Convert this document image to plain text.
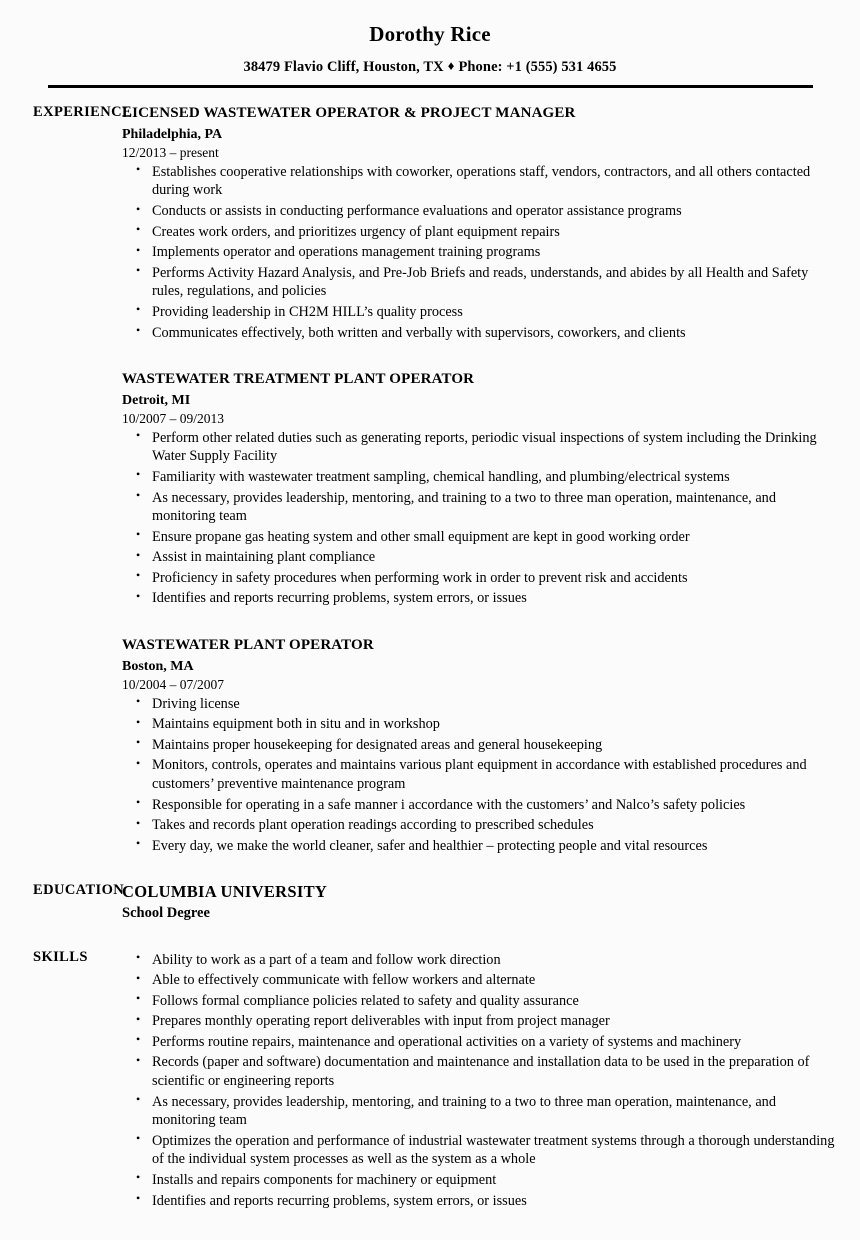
Dorothy Rice
38479 Flavio Cliff, Houston, TX ♦ Phone: +1 (555) 531 4655
EXPERIENCE
LICENSED WASTEWATER OPERATOR & PROJECT MANAGER
Philadelphia, PA
12/2013 – present
• Establishes cooperative relationships with coworker, operations staff, vendors, contractors, and all others contacted during work
• Conducts or assists in conducting performance evaluations and operator assistance programs
• Creates work orders, and prioritizes urgency of plant equipment repairs
• Implements operator and operations management training programs
• Performs Activity Hazard Analysis, and Pre-Job Briefs and reads, understands, and abides by all Health and Safety rules, regulations, and policies
• Providing leadership in CH2M HILL’s quality process
• Communicates effectively, both written and verbally with supervisors, coworkers, and clients
WASTEWATER TREATMENT PLANT OPERATOR
Detroit, MI
10/2007 – 09/2013
• Perform other related duties such as generating reports, periodic visual inspections of system including the Drinking Water Supply Facility
• Familiarity with wastewater treatment sampling, chemical handling, and plumbing/electrical systems
• As necessary, provides leadership, mentoring, and training to a two to three man operation, maintenance, and monitoring team
• Ensure propane gas heating system and other small equipment are kept in good working order
• Assist in maintaining plant compliance
• Proficiency in safety procedures when performing work in order to prevent risk and accidents
• Identifies and reports recurring problems, system errors, or issues
WASTEWATER PLANT OPERATOR
Boston, MA
10/2004 – 07/2007
• Driving license
• Maintains equipment both in situ and in workshop
• Maintains proper housekeeping for designated areas and general housekeeping
• Monitors, controls, operates and maintains various plant equipment in accordance with established procedures and customers’ preventive maintenance program
• Responsible for operating in a safe manner i accordance with the customers’ and Nalco’s safety policies
• Takes and records plant operation readings according to prescribed schedules
• Every day, we make the world cleaner, safer and healthier – protecting people and vital resources
EDUCATION
COLUMBIA UNIVERSITY
School Degree
SKILLS	• Ability to work as a part of a team and follow work direction
• Able to effectively communicate with fellow workers and alternate
• Follows formal compliance policies related to safety and quality assurance
• Prepares monthly operating report deliverables with input from project manager
• Performs routine repairs, maintenance and operational activities on a variety of systems and machinery
• Records (paper and software) documentation and maintenance and installation data to be used in the preparation of scientific or engineering reports
• As necessary, provides leadership, mentoring, and training to a two to three man operation, maintenance, and monitoring team
• Optimizes the operation and performance of industrial wastewater treatment systems through a thorough understanding of the individual system processes as well as the system as a whole
• Installs and repairs components for machinery or equipment
• Identifies and reports recurring problems, system errors, or issues
